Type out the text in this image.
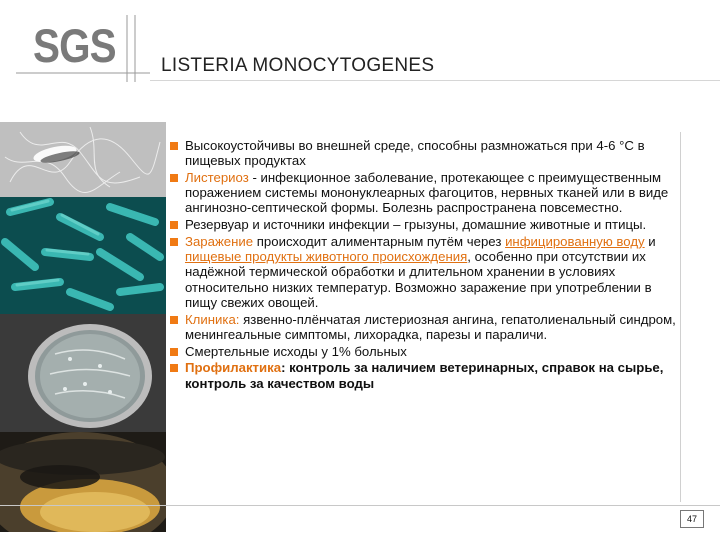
SGS LISTERIA MONOCYTOGENES
Высокоустойчивы во внешней среде, способны размножаться при 4-6 °С в пищевых продуктах
Листериоз - инфекционное заболевание, протекающее с преимущественным поражением системы мононуклеарных фагоцитов, нервных тканей или в виде ангинозно-септической формы. Болезнь распространена повсеместно.
Резервуар и источники инфекции – грызуны, домашние животные и птицы.
Заражение происходит алиментарным путём через инфицированную воду и пищевые продукты животного происхождения, особенно при отсутствии их надёжной термической обработки и длительном хранении в условиях относительно низких температур. Возможно заражение при употреблении в пищу свежих овощей.
Клиника: язвенно-плёнчатая листериозная ангина, гепатолиенальный синдром, менингеальные симптомы, лихорадка, парезы и параличи.
Смертельные исходы у 1% больных
Профилактика: контроль за наличием ветеринарных, справок на сырье, контроль за качеством воды
47
